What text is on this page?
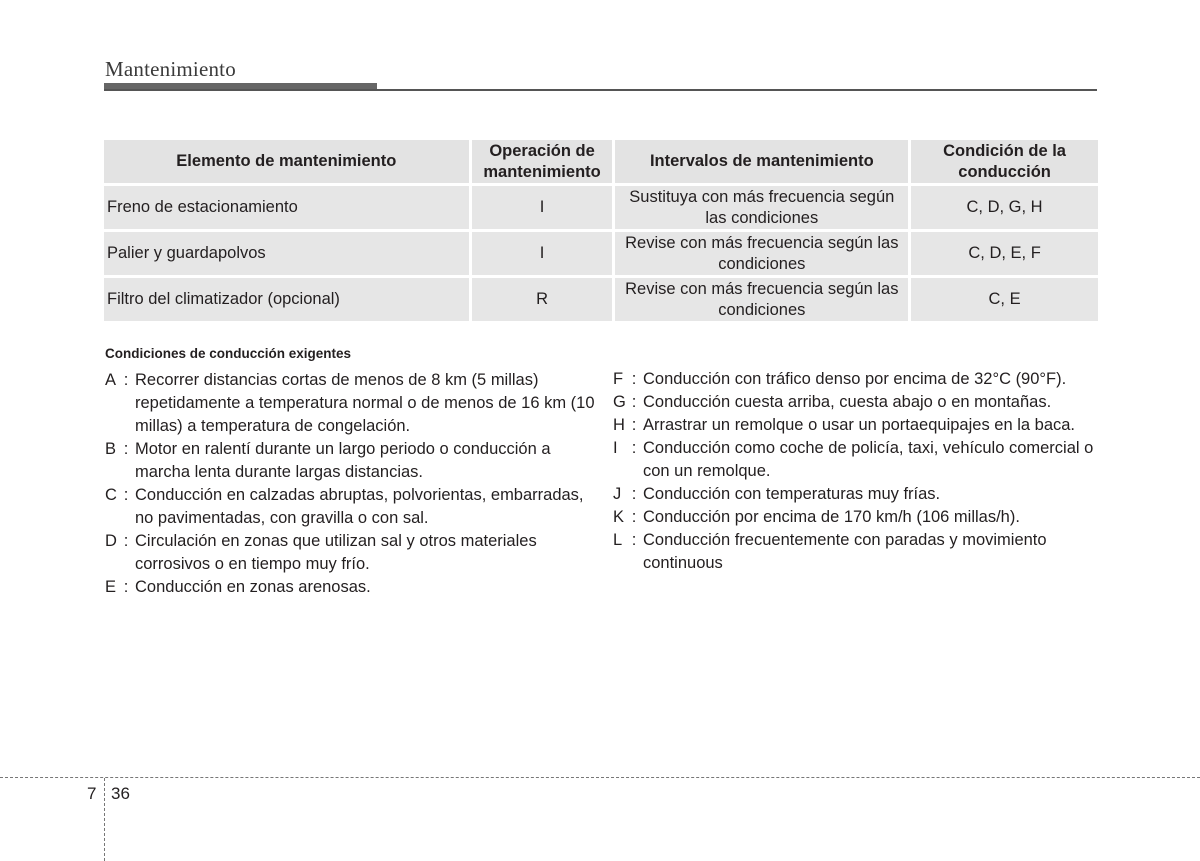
Mantenimiento
Elemento de mantenimiento	Operación de mantenimiento	Intervalos de mantenimiento	Condición de la conducción
Freno de estacionamiento	I	Sustituya con más frecuencia según las condiciones	C, D, G, H
Palier y guardapolvos	I	Revise con más frecuencia según las condiciones	C, D, E, F
Filtro del climatizador (opcional)	R	Revise con más frecuencia según las condiciones	C, E
Condiciones de conducción exigentes
A : Recorrer distancias cortas de menos de 8 km (5 millas) repetidamente a temperatura normal o de menos de 16 km (10 millas) a temperatura de congelación.
B : Motor en ralentí durante un largo periodo o conducción a marcha lenta durante largas distancias.
C : Conducción en calzadas abruptas, polvorientas, embarradas, no pavimentadas, con gravilla o con sal.
D : Circulación en zonas que utilizan sal y otros materiales corrosivos o en tiempo muy frío.
E : Conducción en zonas arenosas.
F : Conducción con tráfico denso por encima de 32°C (90°F).
G : Conducción cuesta arriba, cuesta abajo o en montañas.
H : Arrastrar un remolque o usar un portaequipajes en la baca.
I : Conducción como coche de policía, taxi, vehículo comercial o con un remolque.
J : Conducción con temperaturas muy frías.
K : Conducción por encima de 170 km/h (106 millas/h).
L : Conducción frecuentemente con paradas y movimiento continuous
7 36
